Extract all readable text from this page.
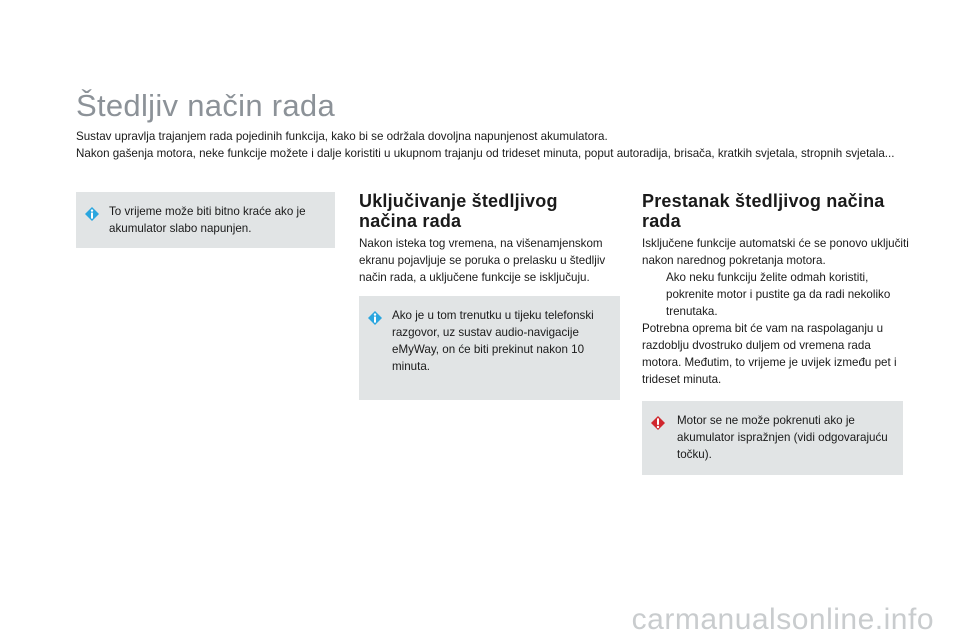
Štedljiv način rada

Sustav upravlja trajanjem rada pojedinih funkcija, kako bi se održala dovoljna napunjenost akumulatora.

Nakon gašenja motora, neke funkcije možete i dalje koristiti u ukupnom trajanju od trideset minuta, poput autoradija, brisača, kratkih svjetala, stropnih svjetala...

To vrijeme može biti bitno kraće ako je akumulator slabo napunjen.
Uključivanje štedljivog načina rada

Nakon isteka tog vremena, na višenamjenskom ekranu pojavljuje se poruka o prelasku u štedljiv način rada, a uključene funkcije se isključuju.

Ako je u tom trenutku u tijeku telefonski razgovor, uz sustav audio-navigacije eMyWay, on će biti prekinut nakon 10 minuta.
Prestanak štedljivog načina rada

Isključene funkcije automatski će se ponovo uključiti nakon narednog pokretanja motora.

Ako neku funkciju želite odmah koristiti, pokrenite motor i pustite ga da radi nekoliko trenutaka.

Potrebna oprema bit će vam na raspolaganju u razdoblju dvostruko duljem od vremena rada motora. Međutim, to vrijeme je uvijek između pet i trideset minuta.

Motor se ne može pokrenuti ako je akumulator ispražnjen (vidi odgovarajuću točku).
carmanualsonline.info
